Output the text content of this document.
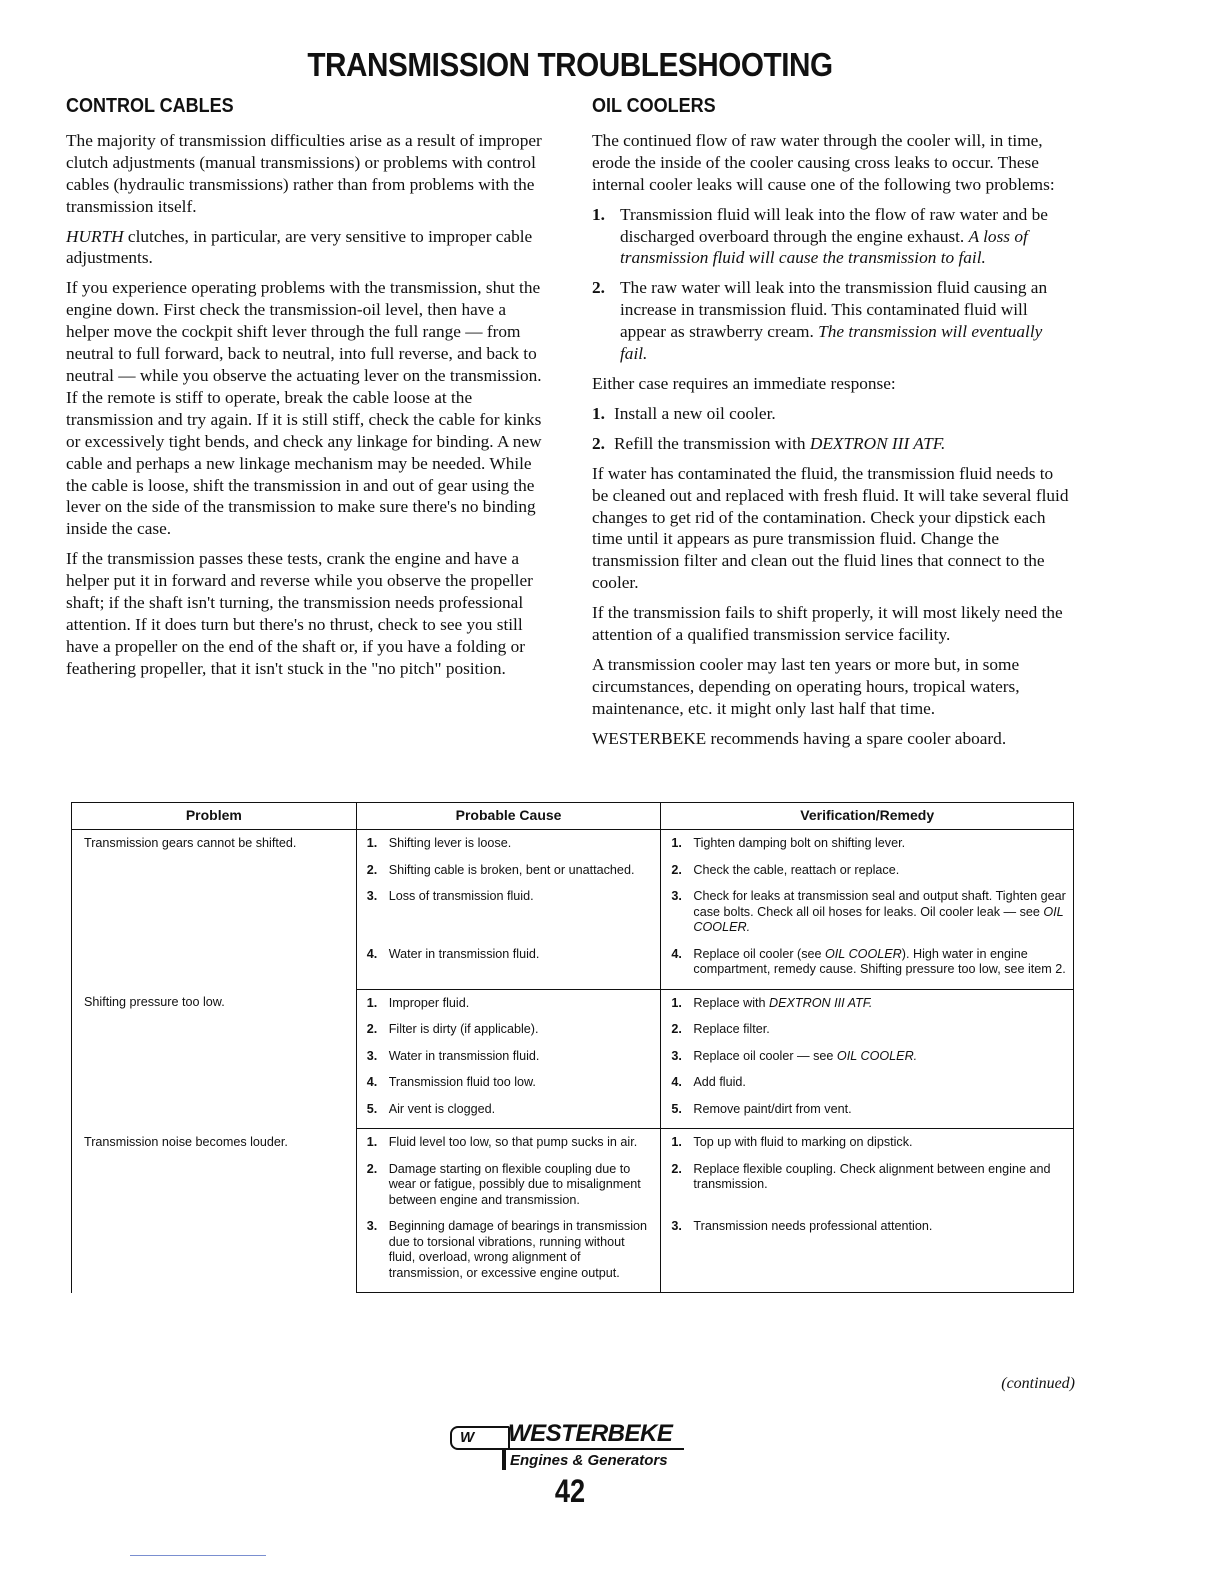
TRANSMISSION TROUBLESHOOTING
CONTROL CABLES

The majority of transmission difficulties arise as a result of improper clutch adjustments (manual transmissions) or problems with control cables (hydraulic transmissions) rather than from problems with the transmission itself.

HURTH clutches, in particular, are very sensitive to improper cable adjustments.

If you experience operating problems with the transmission, shut the engine down. First check the transmission-oil level, then have a helper move the cockpit shift lever through the full range — from neutral to full forward, back to neutral, into full reverse, and back to neutral — while you observe the actuating lever on the transmission. If the remote is stiff to operate, break the cable loose at the transmission and try again. If it is still stiff, check the cable for kinks or excessively tight bends, and check any linkage for binding. A new cable and perhaps a new linkage mechanism may be needed. While the cable is loose, shift the transmission in and out of gear using the lever on the side of the transmission to make sure there's no binding inside the case.

If the transmission passes these tests, crank the engine and have a helper put it in forward and reverse while you observe the propeller shaft; if the shaft isn't turning, the transmission needs professional attention. If it does turn but there's no thrust, check to see you still have a propeller on the end of the shaft or, if you have a folding or feathering propeller, that it isn't stuck in the "no pitch" position.

OIL COOLERS

The continued flow of raw water through the cooler will, in time, erode the inside of the cooler causing cross leaks to occur. These internal cooler leaks will cause one of the following two problems:

1. Transmission fluid will leak into the flow of raw water and be discharged overboard through the engine exhaust. A loss of transmission fluid will cause the transmission to fail.
2. The raw water will leak into the transmission fluid causing an increase in transmission fluid. This contaminated fluid will appear as strawberry cream. The transmission will eventually fail.

Either case requires an immediate response:

1. Install a new oil cooler.
2. Refill the transmission with DEXTRON III ATF.

If water has contaminated the fluid, the transmission fluid needs to be cleaned out and replaced with fresh fluid. It will take several fluid changes to get rid of the contamination. Check your dipstick each time until it appears as pure transmission fluid. Change the transmission filter and clean out the fluid lines that connect to the cooler.

If the transmission fails to shift properly, it will most likely need the attention of a qualified transmission service facility.

A transmission cooler may last ten years or more but, in some circumstances, depending on operating hours, tropical waters, maintenance, etc. it might only last half that time.

WESTERBEKE recommends having a spare cooler aboard.

Problem	Probable Cause	Verification/Remedy
Transmission gears cannot be shifted.	1. Shifting lever is loose.	1. Tighten damping bolt on shifting lever.

	2. Shifting cable is broken, bent or unattached.	2. Check the cable, reattach or replace.

	3. Loss of transmission fluid.	3. Check for leaks at transmission seal and output shaft. Tighten gear case bolts. Check all oil hoses for leaks. Oil cooler leak — see OIL COOLER.

	4. Water in transmission fluid.	4. Replace oil cooler (see OIL COOLER). High water in engine compartment, remedy cause. Shifting pressure too low, see item 2.

Shifting pressure too low.	1. Improper fluid.	1. Replace with DEXTRON III ATF.

	2. Filter is dirty (if applicable).	2. Replace filter.

	3. Water in transmission fluid.	3. Replace oil cooler — see OIL COOLER.

	4. Transmission fluid too low.	4. Add fluid.

	5. Air vent is clogged.	5. Remove paint/dirt from vent.

Transmission noise becomes louder.	1. Fluid level too low, so that pump sucks in air.	1. Top up with fluid to marking on dipstick.

	2. Damage starting on flexible coupling due to wear or fatigue, possibly due to misalignment between engine and transmission.	2. Replace flexible coupling. Check alignment between engine and transmission.

	3. Beginning damage of bearings in transmission due to torsional vibrations, running without fluid, overload, wrong alignment of transmission, or excessive engine output.	3. Transmission needs professional attention.
(continued)
W WESTERBEKE
Engines & Generators
42
